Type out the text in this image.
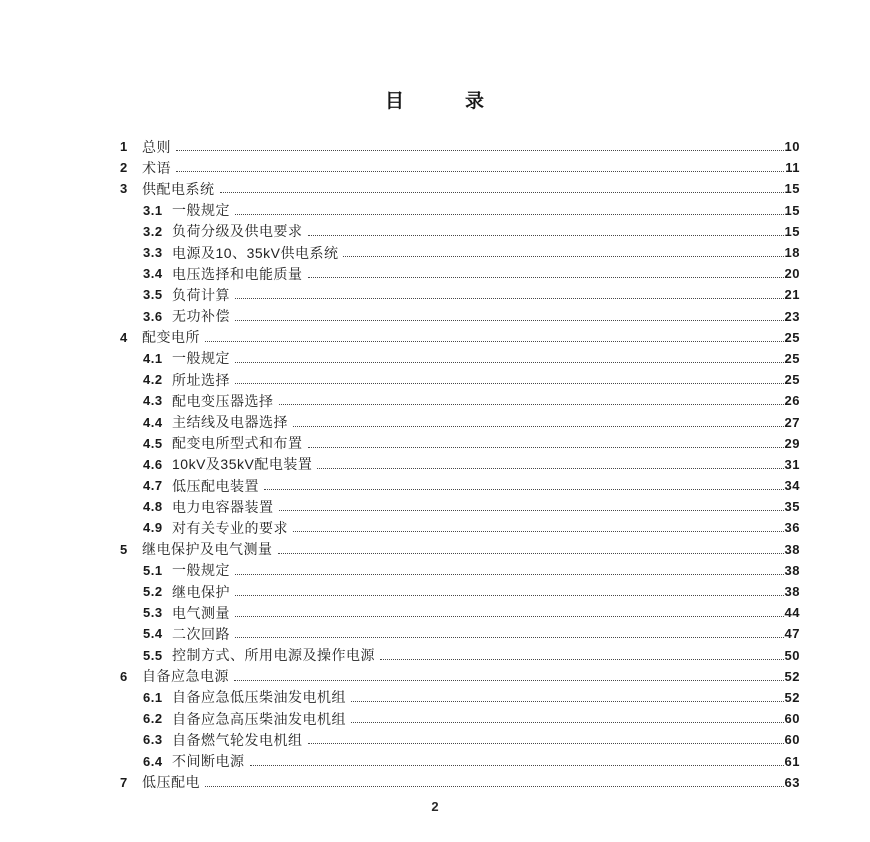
目　　　录
1	总则	10
2	术语	11
3	供配电系统	15
3.1 一般规定	15
3.2 负荷分级及供电要求	15
3.3 电源及10、35kV供电系统	18
3.4 电压选择和电能质量	20
3.5 负荷计算	21
3.6 无功补偿	23
4	配变电所	25
4.1 一般规定	25
4.2 所址选择	25
4.3 配电变压器选择	26
4.4 主结线及电器选择	27
4.5 配变电所型式和布置	29
4.6 10kV及35kV配电装置	31
4.7 低压配电装置	34
4.8 电力电容器装置	35
4.9 对有关专业的要求	36
5	继电保护及电气测量	38
5.1 一般规定	38
5.2 继电保护	38
5.3 电气测量	44
5.4 二次回路	47
5.5 控制方式、所用电源及操作电源	50
6	自备应急电源	52
6.1 自备应急低压柴油发电机组	52
6.2 自备应急高压柴油发电机组	60
6.3 自备燃气轮发电机组	60
6.4 不间断电源	61
7	低压配电	63
2
